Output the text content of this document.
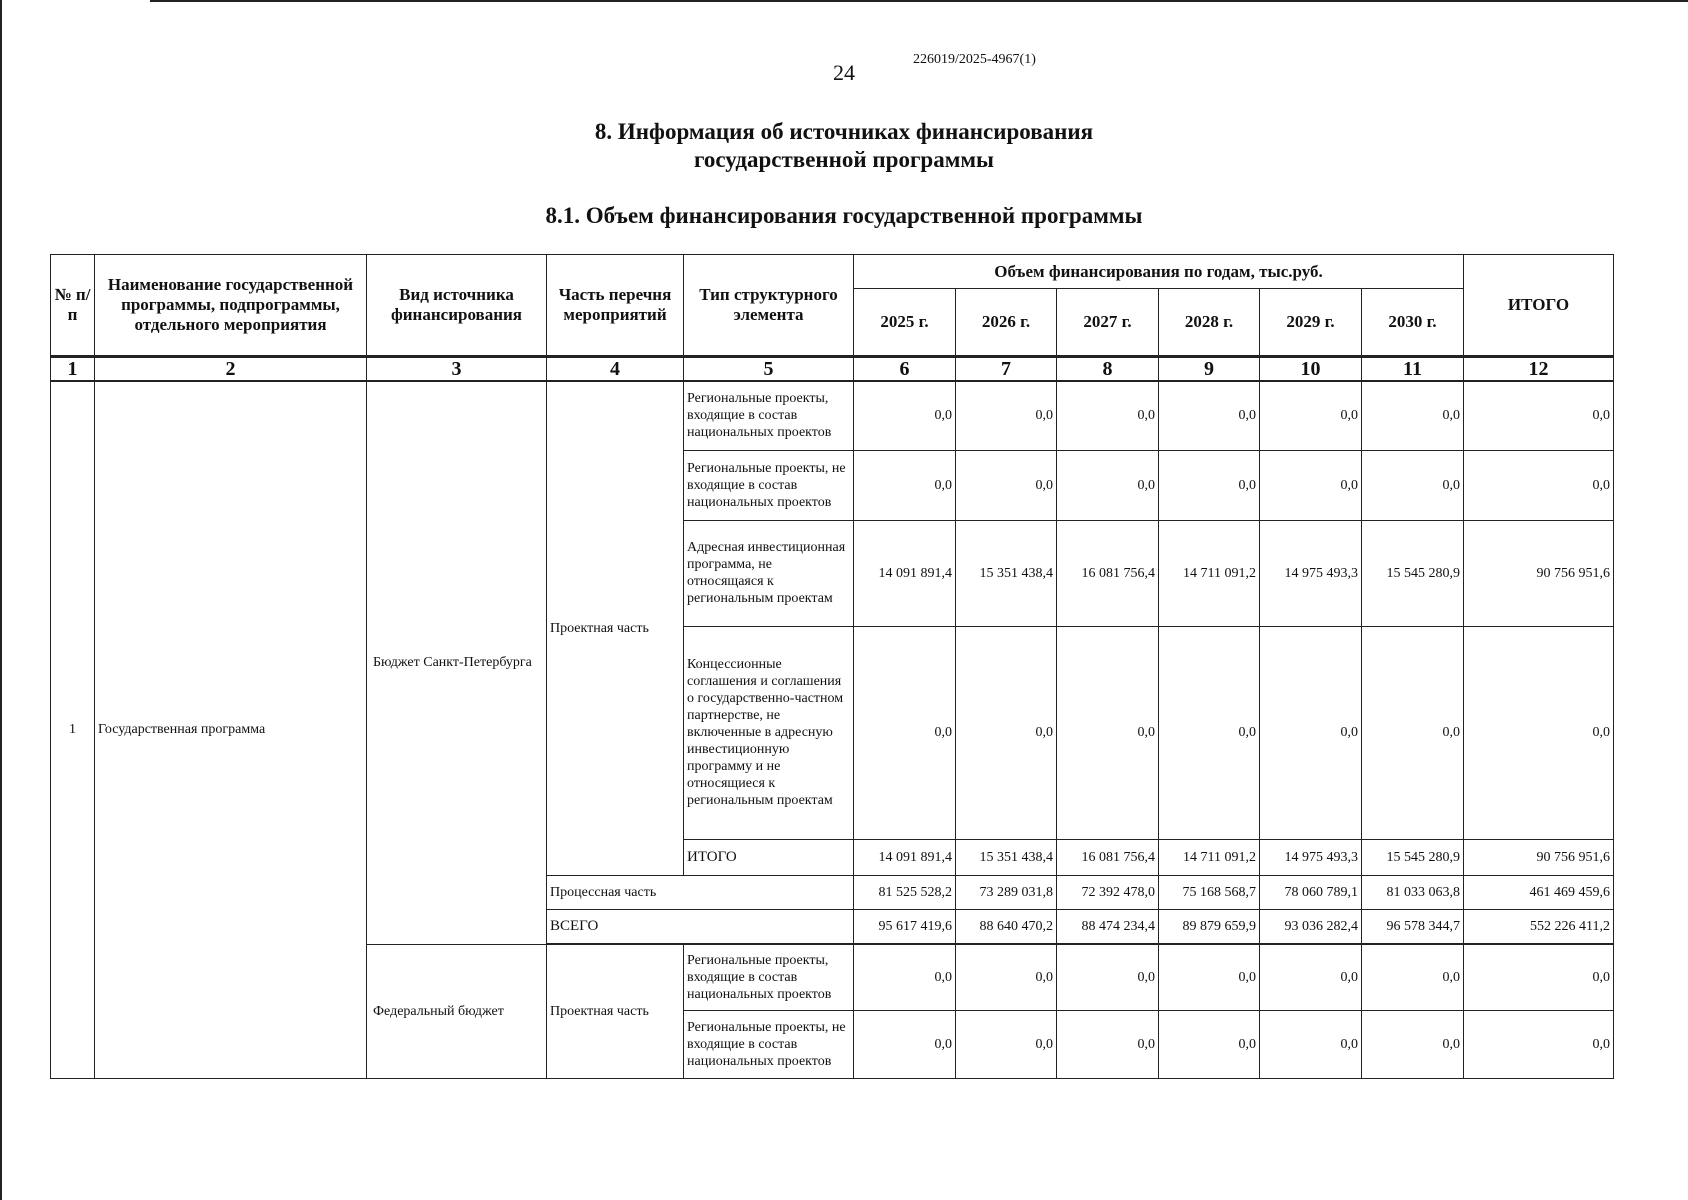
24
226019/2025-4967(1)
8. Информация об источниках финансирования
государственной программы
8.1. Объем финансирования государственной программы
№ п/п	Наименование государственной программы, подпрограммы, отдельного мероприятия	Вид источника финансирования	Часть перечня мероприятий	Тип структурного элемента	Объем финансирования по годам, тыс.руб.						ИТОГО
					2025 г.	2026 г.	2027 г.	2028 г.	2029 г.	2030 г.	
1	2	3	4	5	6	7	8	9	10	11	12
1	Государственная программа	Бюджет Санкт-Петербурга	Проектная часть	Региональные проекты, входящие в состав национальных проектов	0,0	0,0	0,0	0,0	0,0	0,0	0,0
				Региональные проекты, не входящие в состав национальных проектов	0,0	0,0	0,0	0,0	0,0	0,0	0,0
				Адресная инвестиционная программа, не относящаяся к региональным проектам	14 091 891,4	15 351 438,4	16 081 756,4	14 711 091,2	14 975 493,3	15 545 280,9	90 756 951,6
				Концессионные соглашения и соглашения о государственно-частном партнерстве, не включенные в адресную инвестиционную программу и не относящиеся к региональным проектам	0,0	0,0	0,0	0,0	0,0	0,0	0,0
				ИТОГО	14 091 891,4	15 351 438,4	16 081 756,4	14 711 091,2	14 975 493,3	15 545 280,9	90 756 951,6
			Процессная часть		81 525 528,2	73 289 031,8	72 392 478,0	75 168 568,7	78 060 789,1	81 033 063,8	461 469 459,6
			ВСЕГО		95 617 419,6	88 640 470,2	88 474 234,4	89 879 659,9	93 036 282,4	96 578 344,7	552 226 411,2

		Федеральный бюджет	Проектная часть	Региональные проекты, входящие в состав национальных проектов	0,0	0,0	0,0	0,0	0,0	0,0	0,0
				Региональные проекты, не входящие в состав национальных проектов	0,0	0,0	0,0	0,0	0,0	0,0	0,0
